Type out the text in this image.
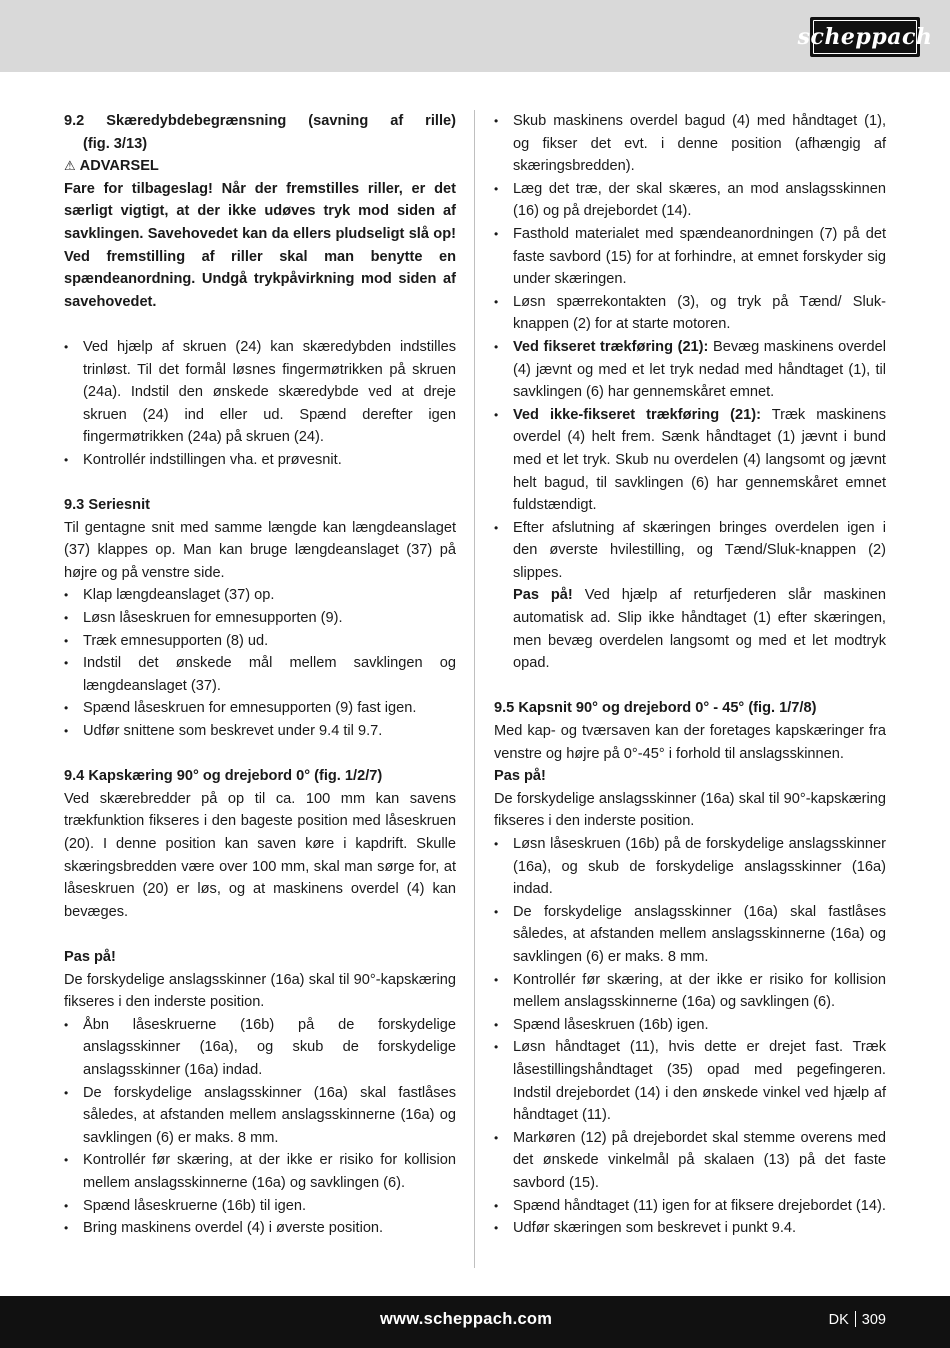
scheppach
9.2 Skæredybdebegrænsning (savning af rille)
(fig. 3/13)
⚠ ADVARSEL

Fare for tilbageslag! Når der fremstilles riller, er det særligt vigtigt, at der ikke udøves tryk mod siden af savklingen. Savehovedet kan da ellers pludseligt slå op! Ved fremstilling af riller skal man benytte en spændeanordning. Undgå trykpåvirkning mod siden af savehovedet.

• Ved hjælp af skruen (24) kan skæredybden indstilles trinløst. Til det formål løsnes fingermøtrikken på skruen (24a). Indstil den ønskede skæredybde ved at dreje skruen (24) ind eller ud. Spænd derefter igen fingermøtrikken (24a) på skruen (24).
• Kontrollér indstillingen vha. et prøvesnit.
9.3 Seriesnit

Til gentagne snit med samme længde kan længdeanslaget (37) klappes op. Man kan bruge længdeanslaget (37) på højre og på venstre side.

• Klap længdeanslaget (37) op.
• Løsn låseskruen for emnesupporten (9).
• Træk emnesupporten (8) ud.
• Indstil det ønskede mål mellem savklingen og længdeanslaget (37).
• Spænd låseskruen for emnesupporten (9) fast igen.
• Udfør snittene som beskrevet under 9.4 til 9.7.
9.4 Kapskæring 90° og drejebord 0° (fig. 1/2/7)

Ved skærebredder på op til ca. 100 mm kan savens trækfunktion fikseres i den bageste position med låseskruen (20). I denne position kan saven køre i kapdrift. Skulle skæringsbredden være over 100 mm, skal man sørge for, at låseskruen (20) er løs, og at maskinens overdel (4) kan bevæges.

Pas på!

De forskydelige anslagsskinner (16a) skal til 90°-kapskæring fikseres i den inderste position.

• Åbn låseskruerne (16b) på de forskydelige anslagsskinner (16a), og skub de forskydelige anslagsskinner (16a) indad.
• De forskydelige anslagsskinner (16a) skal fastlåses således, at afstanden mellem anslagsskinnerne (16a) og savklingen (6) er maks. 8 mm.
• Kontrollér før skæring, at der ikke er risiko for kollision mellem anslagsskinnerne (16a) og savklingen (6).
• Spænd låseskruerne (16b) til igen.
• Bring maskinens overdel (4) i øverste position.
• Skub maskinens overdel bagud (4) med håndtaget (1), og fikser det evt. i denne position (afhængig af skæringsbredden).
• Læg det træ, der skal skæres, an mod anslagsskinnen (16) og på drejebordet (14).
• Fasthold materialet med spændeanordningen (7) på det faste savbord (15) for at forhindre, at emnet forskyder sig under skæringen.
• Løsn spærrekontakten (3), og tryk på Tænd/ Sluk-knappen (2) for at starte motoren.
• Ved fikseret trækføring (21): Bevæg maskinens overdel (4) jævnt og med et let tryk nedad med håndtaget (1), til savklingen (6) har gennemskåret emnet.
• Ved ikke-fikseret trækføring (21): Træk maskinens overdel (4) helt frem. Sænk håndtaget (1) jævnt i bund med et let tryk. Skub nu overdelen (4) langsomt og jævnt helt bagud, til savklingen (6) har gennemskåret emnet fuldstændigt.
• Efter afslutning af skæringen bringes overdelen igen i den øverste hvilestilling, og Tænd/Sluk-knappen (2) slippes.
Pas på! Ved hjælp af returfjederen slår maskinen automatisk ad. Slip ikke håndtaget (1) efter skæringen, men bevæg overdelen langsomt og med et let modtryk opad.
9.5 Kapsnit 90° og drejebord 0° - 45° (fig. 1/7/8)

Med kap- og tværsaven kan der foretages kapskæringer fra venstre og højre på 0°-45° i forhold til anslagsskinnen.

Pas på!

De forskydelige anslagsskinner (16a) skal til 90°-kapskæring fikseres i den inderste position.

• Løsn låseskruen (16b) på de forskydelige anslagsskinner (16a), og skub de forskydelige anslagsskinner (16a) indad.
• De forskydelige anslagsskinner (16a) skal fastlåses således, at afstanden mellem anslagsskinnerne (16a) og savklingen (6) er maks. 8 mm.
• Kontrollér før skæring, at der ikke er risiko for kollision mellem anslagsskinnerne (16a) og savklingen (6).
• Spænd låseskruen (16b) igen.
• Løsn håndtaget (11), hvis dette er drejet fast. Træk låsestillingshåndtaget (35) opad med pegefingeren. Indstil drejebordet (14) i den ønskede vinkel ved hjælp af håndtaget (11).
• Markøren (12) på drejebordet skal stemme overens med det ønskede vinkelmål på skalaen (13) på det faste savbord (15).
• Spænd håndtaget (11) igen for at fiksere drejebordet (14).
• Udfør skæringen som beskrevet i punkt 9.4.
www.scheppach.com	DK 309
